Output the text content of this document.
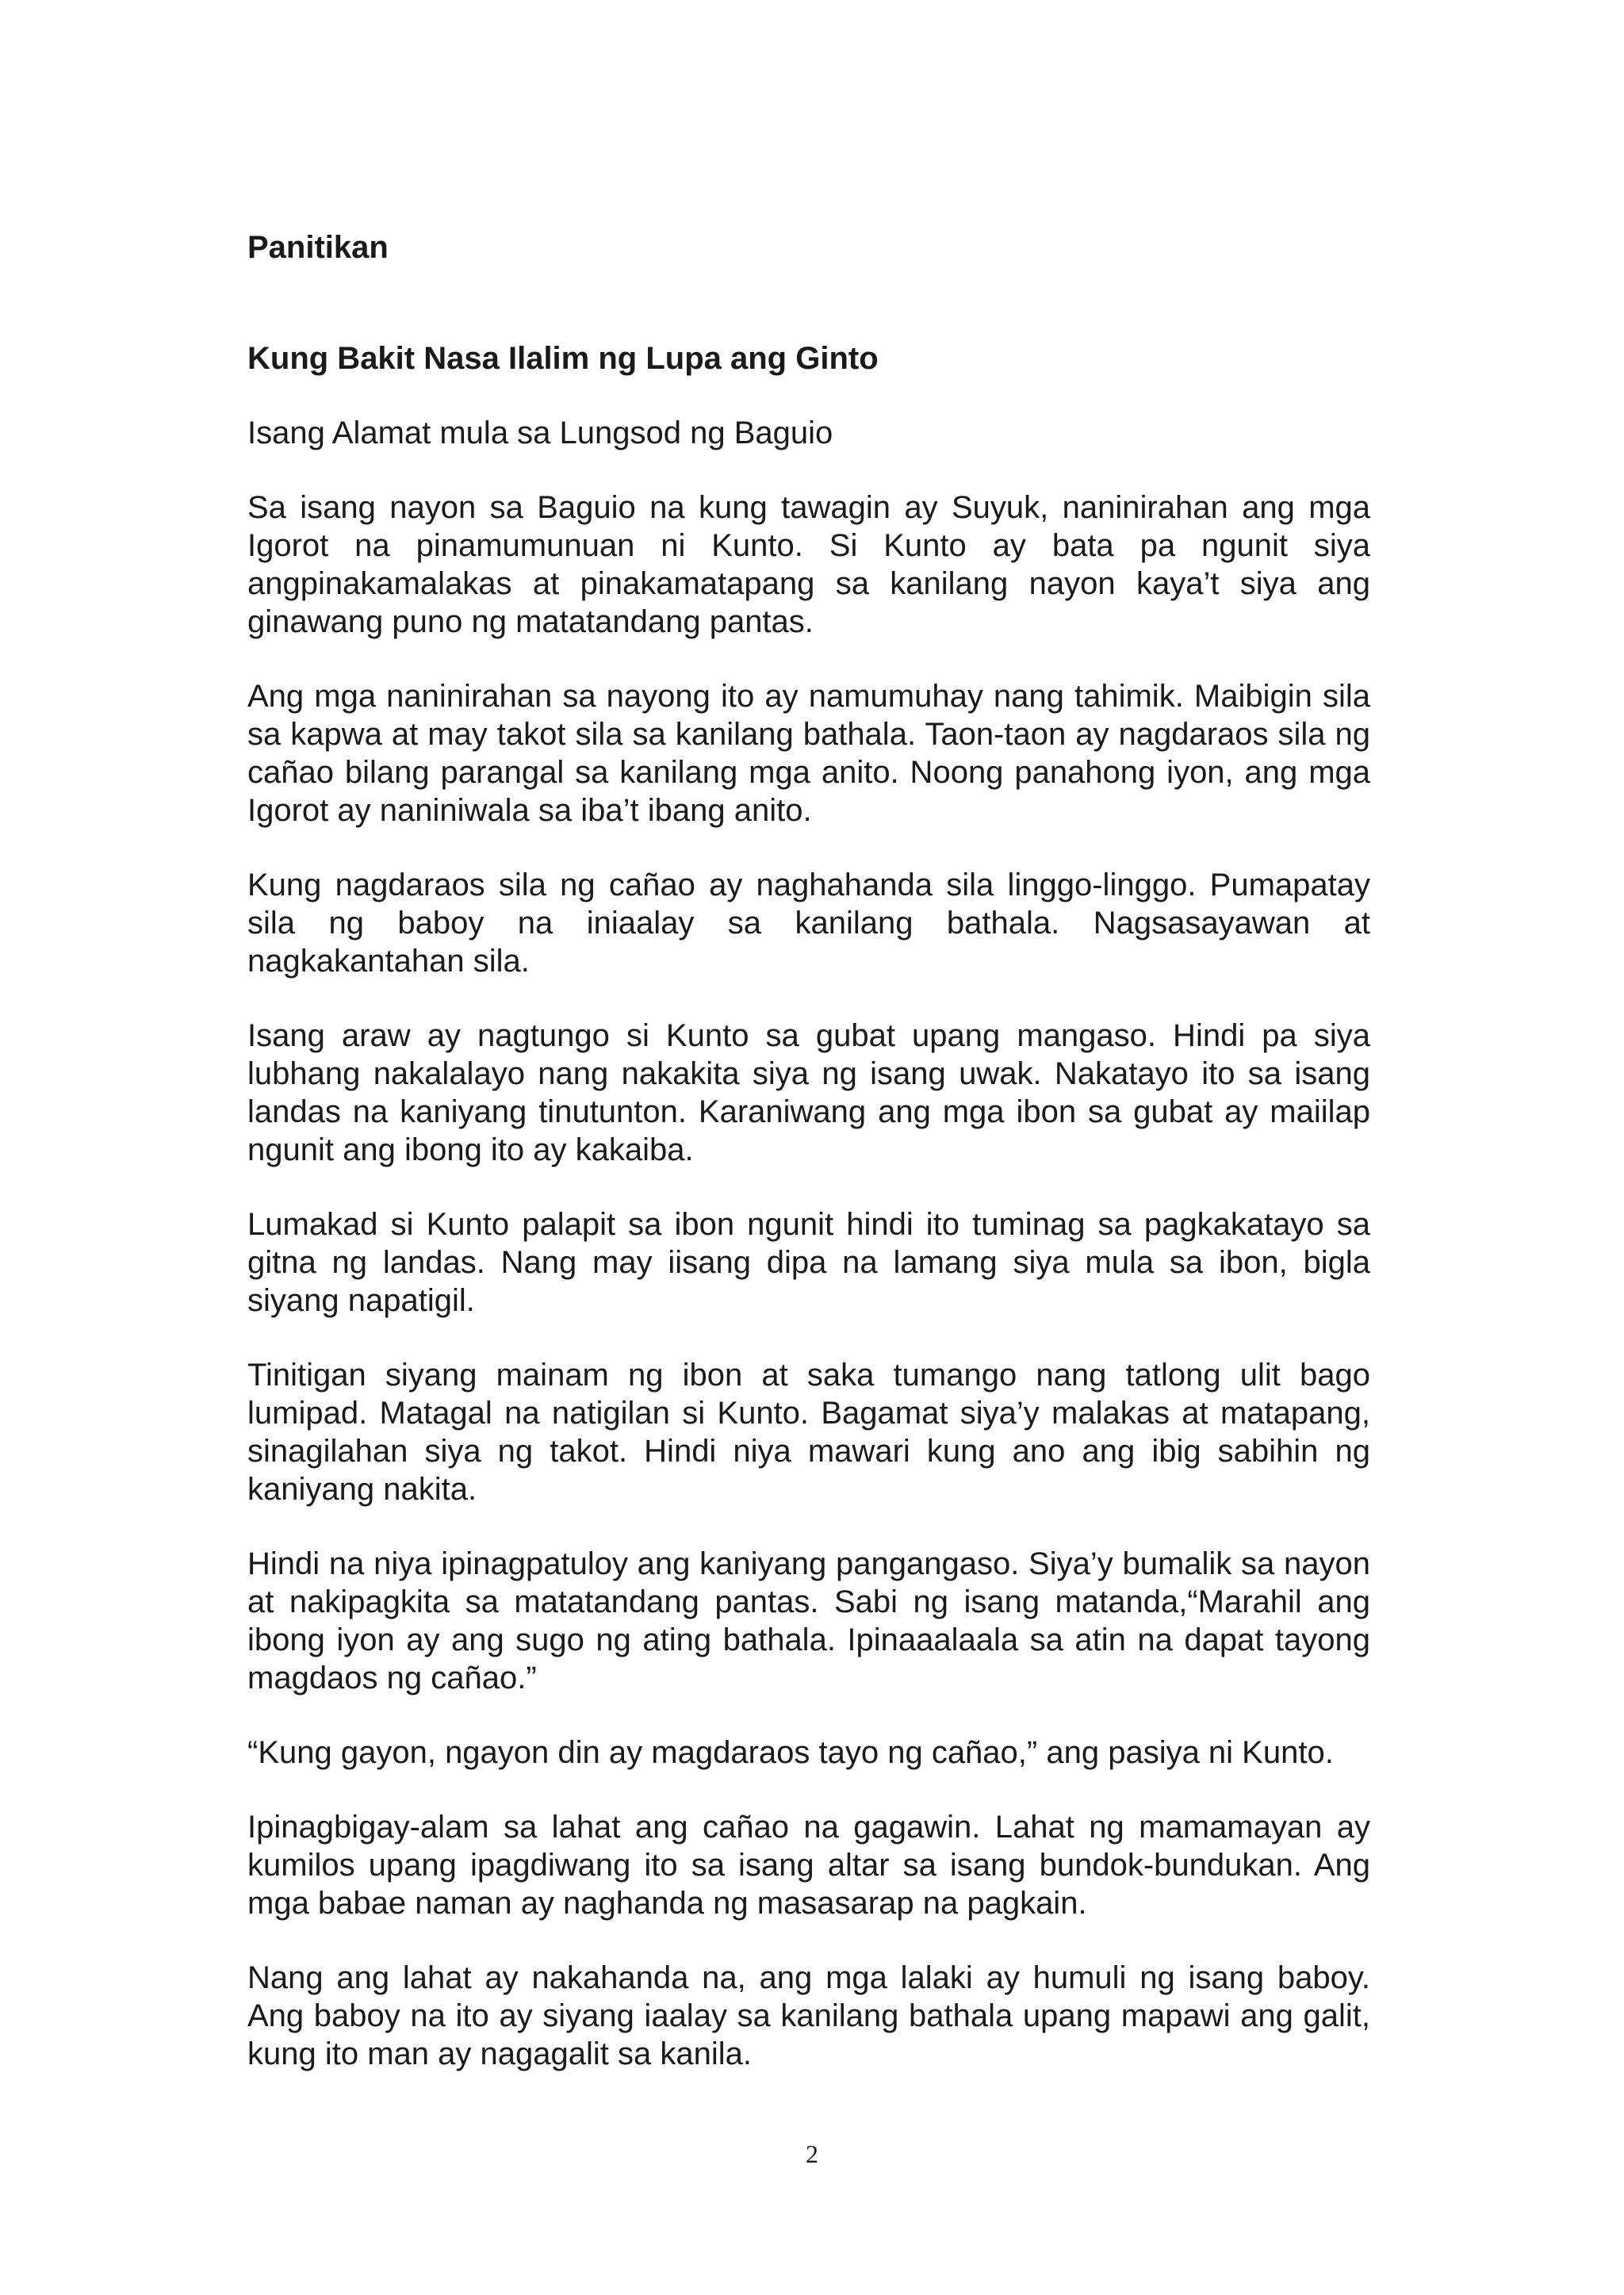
Panitikan
Kung Bakit Nasa Ilalim ng Lupa ang Ginto
Isang Alamat mula sa Lungsod ng Baguio

Sa isang nayon sa Baguio na kung tawagin ay Suyuk, naninirahan ang mga Igorot na pinamumunuan ni Kunto. Si Kunto ay bata pa ngunit siya angpinakamalakas at pinakamatapang sa kanilang nayon kaya’t siya ang ginawang puno ng matatandang pantas.

Ang mga naninirahan sa nayong ito ay namumuhay nang tahimik. Maibigin sila sa kapwa at may takot sila sa kanilang bathala. Taon-taon ay nagdaraos sila ng cañao bilang parangal sa kanilang mga anito. Noong panahong iyon, ang mga Igorot ay naniniwala sa iba’t ibang anito.

Kung nagdaraos sila ng cañao ay naghahanda sila linggo-linggo. Pumapatay sila ng baboy na iniaalay sa kanilang bathala. Nagsasayawan at nagkakantahan sila.

Isang araw ay nagtungo si Kunto sa gubat upang mangaso. Hindi pa siya lubhang nakalalayo nang nakakita siya ng isang uwak. Nakatayo ito sa isang landas na kaniyang tinutunton. Karaniwang ang mga ibon sa gubat ay maiilap ngunit ang ibong ito ay kakaiba.

Lumakad si Kunto palapit sa ibon ngunit hindi ito tuminag sa pagkakatayo sa gitna ng landas. Nang may iisang dipa na lamang siya mula sa ibon, bigla siyang napatigil.

Tinitigan siyang mainam ng ibon at saka tumango nang tatlong ulit bago lumipad. Matagal na natigilan si Kunto. Bagamat siya’y malakas at matapang, sinagilahan siya ng takot. Hindi niya mawari kung ano ang ibig sabihin ng kaniyang nakita.

Hindi na niya ipinagpatuloy ang kaniyang pangangaso. Siya’y bumalik sa nayon at nakipagkita sa matatandang pantas. Sabi ng isang matanda,“Marahil ang ibong iyon ay ang sugo ng ating bathala. Ipinaaalaala sa atin na dapat tayong magdaos ng cañao.”

“Kung gayon, ngayon din ay magdaraos tayo ng cañao,” ang pasiya ni Kunto.

Ipinagbigay-alam sa lahat ang cañao na gagawin. Lahat ng mamamayan ay kumilos upang ipagdiwang ito sa isang altar sa isang bundok-bundukan. Ang mga babae naman ay naghanda ng masasarap na pagkain.

Nang ang lahat ay nakahanda na, ang mga lalaki ay humuli ng isang baboy. Ang baboy na ito ay siyang iaalay sa kanilang bathala upang mapawi ang galit, kung ito man ay nagagalit sa kanila.

2
